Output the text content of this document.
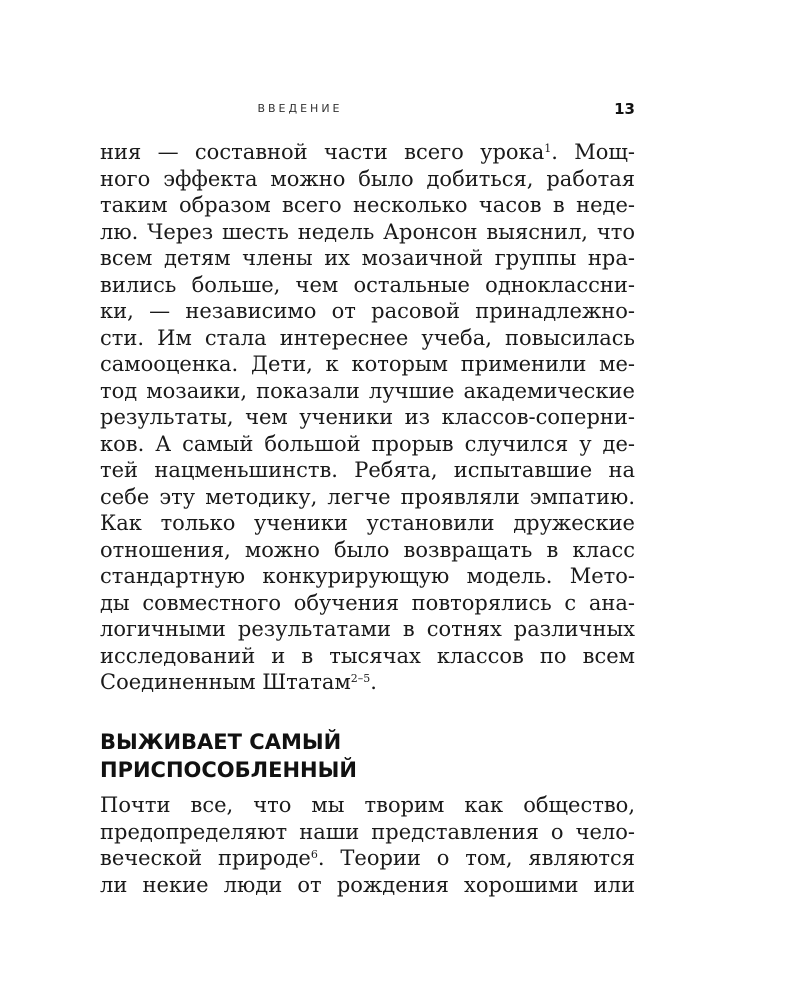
ВВЕДЕНИЕ	13
ния — составной части всего урока$^1$. Мощ-
ного эффекта можно было добиться, работая
таким образом всего несколько часов в неде-
лю. Через шесть недель Аронсон выяснил, что
всем детям члены их мозаичной группы нра-
вились больше, чем остальные одноклассни-
ки, — независимо от расовой принадлежно-
сти. Им стала интереснее учеба, повысилась
самооценка. Дети, к которым применили ме-
тод мозаики, показали лучшие академические
результаты, чем ученики из классов-соперни-
ков. А самый большой прорыв случился у де-
тей нацменьшинств. Ребята, испытавшие на
себе эту методику, легче проявляли эмпатию.
Как только ученики установили дружеские
отношения, можно было возвращать в класс
стандартную конкурирующую модель. Мето-
ды совместного обучения повторялись с ана-
логичными результатами в сотнях различных
исследований и в тысячах классов по всем
Соединенным Штатам$^{2-5}$.
ВЫЖИВАЕТ САМЫЙ
ПРИСПОСОБЛЕННЫЙ
Почти все, что мы творим как общество,
предопределяют наши представления о чело-
веческой природе$^6$. Теории о том, являются
ли некие люди от рождения хорошими или
